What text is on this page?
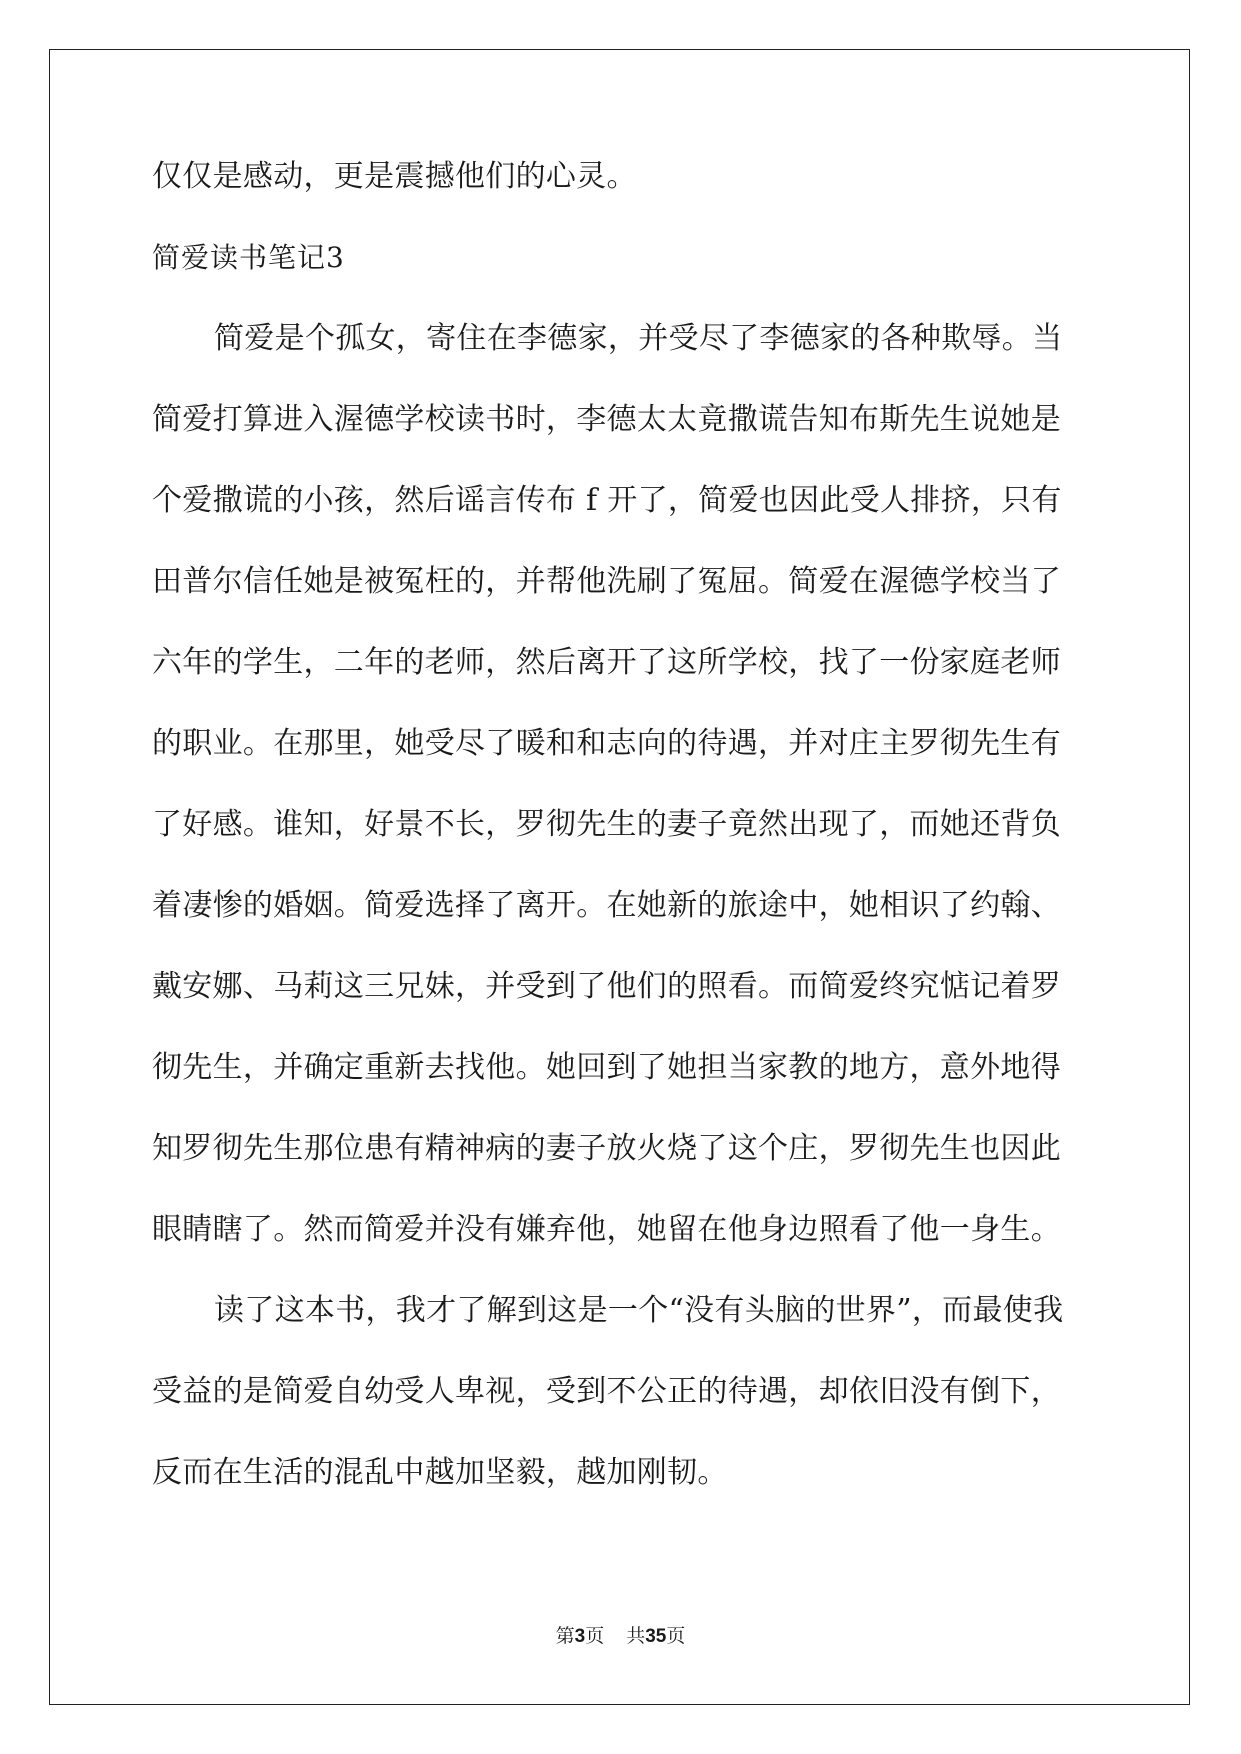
仅仅是感动，更是震撼他们的心灵。
简爱读书笔记3
简爱是个孤女，寄住在李德家，并受尽了李德家的各种欺辱。当
简爱打算进入渥德学校读书时，李德太太竟撒谎告知布斯先生说她是
个爱撒谎的小孩，然后谣言传布 f 开了，简爱也因此受人排挤，只有
田普尔信任她是被冤枉的，并帮他洗刷了冤屈。简爱在渥德学校当了
六年的学生，二年的老师，然后离开了这所学校，找了一份家庭老师
的职业。在那里，她受尽了暖和和志向的待遇，并对庄主罗彻先生有
了好感。谁知，好景不长，罗彻先生的妻子竟然出现了，而她还背负
着凄惨的婚姻。简爱选择了离开。在她新的旅途中，她相识了约翰、
戴安娜、马莉这三兄妹，并受到了他们的照看。而简爱终究惦记着罗
彻先生，并确定重新去找他。她回到了她担当家教的地方，意外地得
知罗彻先生那位患有精神病的妻子放火烧了这个庄，罗彻先生也因此
眼睛瞎了。然而简爱并没有嫌弃他，她留在他身边照看了他一身生。
读了这本书，我才了解到这是一个“没有头脑的世界”，而最使我
受益的是简爱自幼受人卑视，受到不公正的待遇，却依旧没有倒下，
反而在生活的混乱中越加坚毅，越加刚韧。
第3页 共35页
